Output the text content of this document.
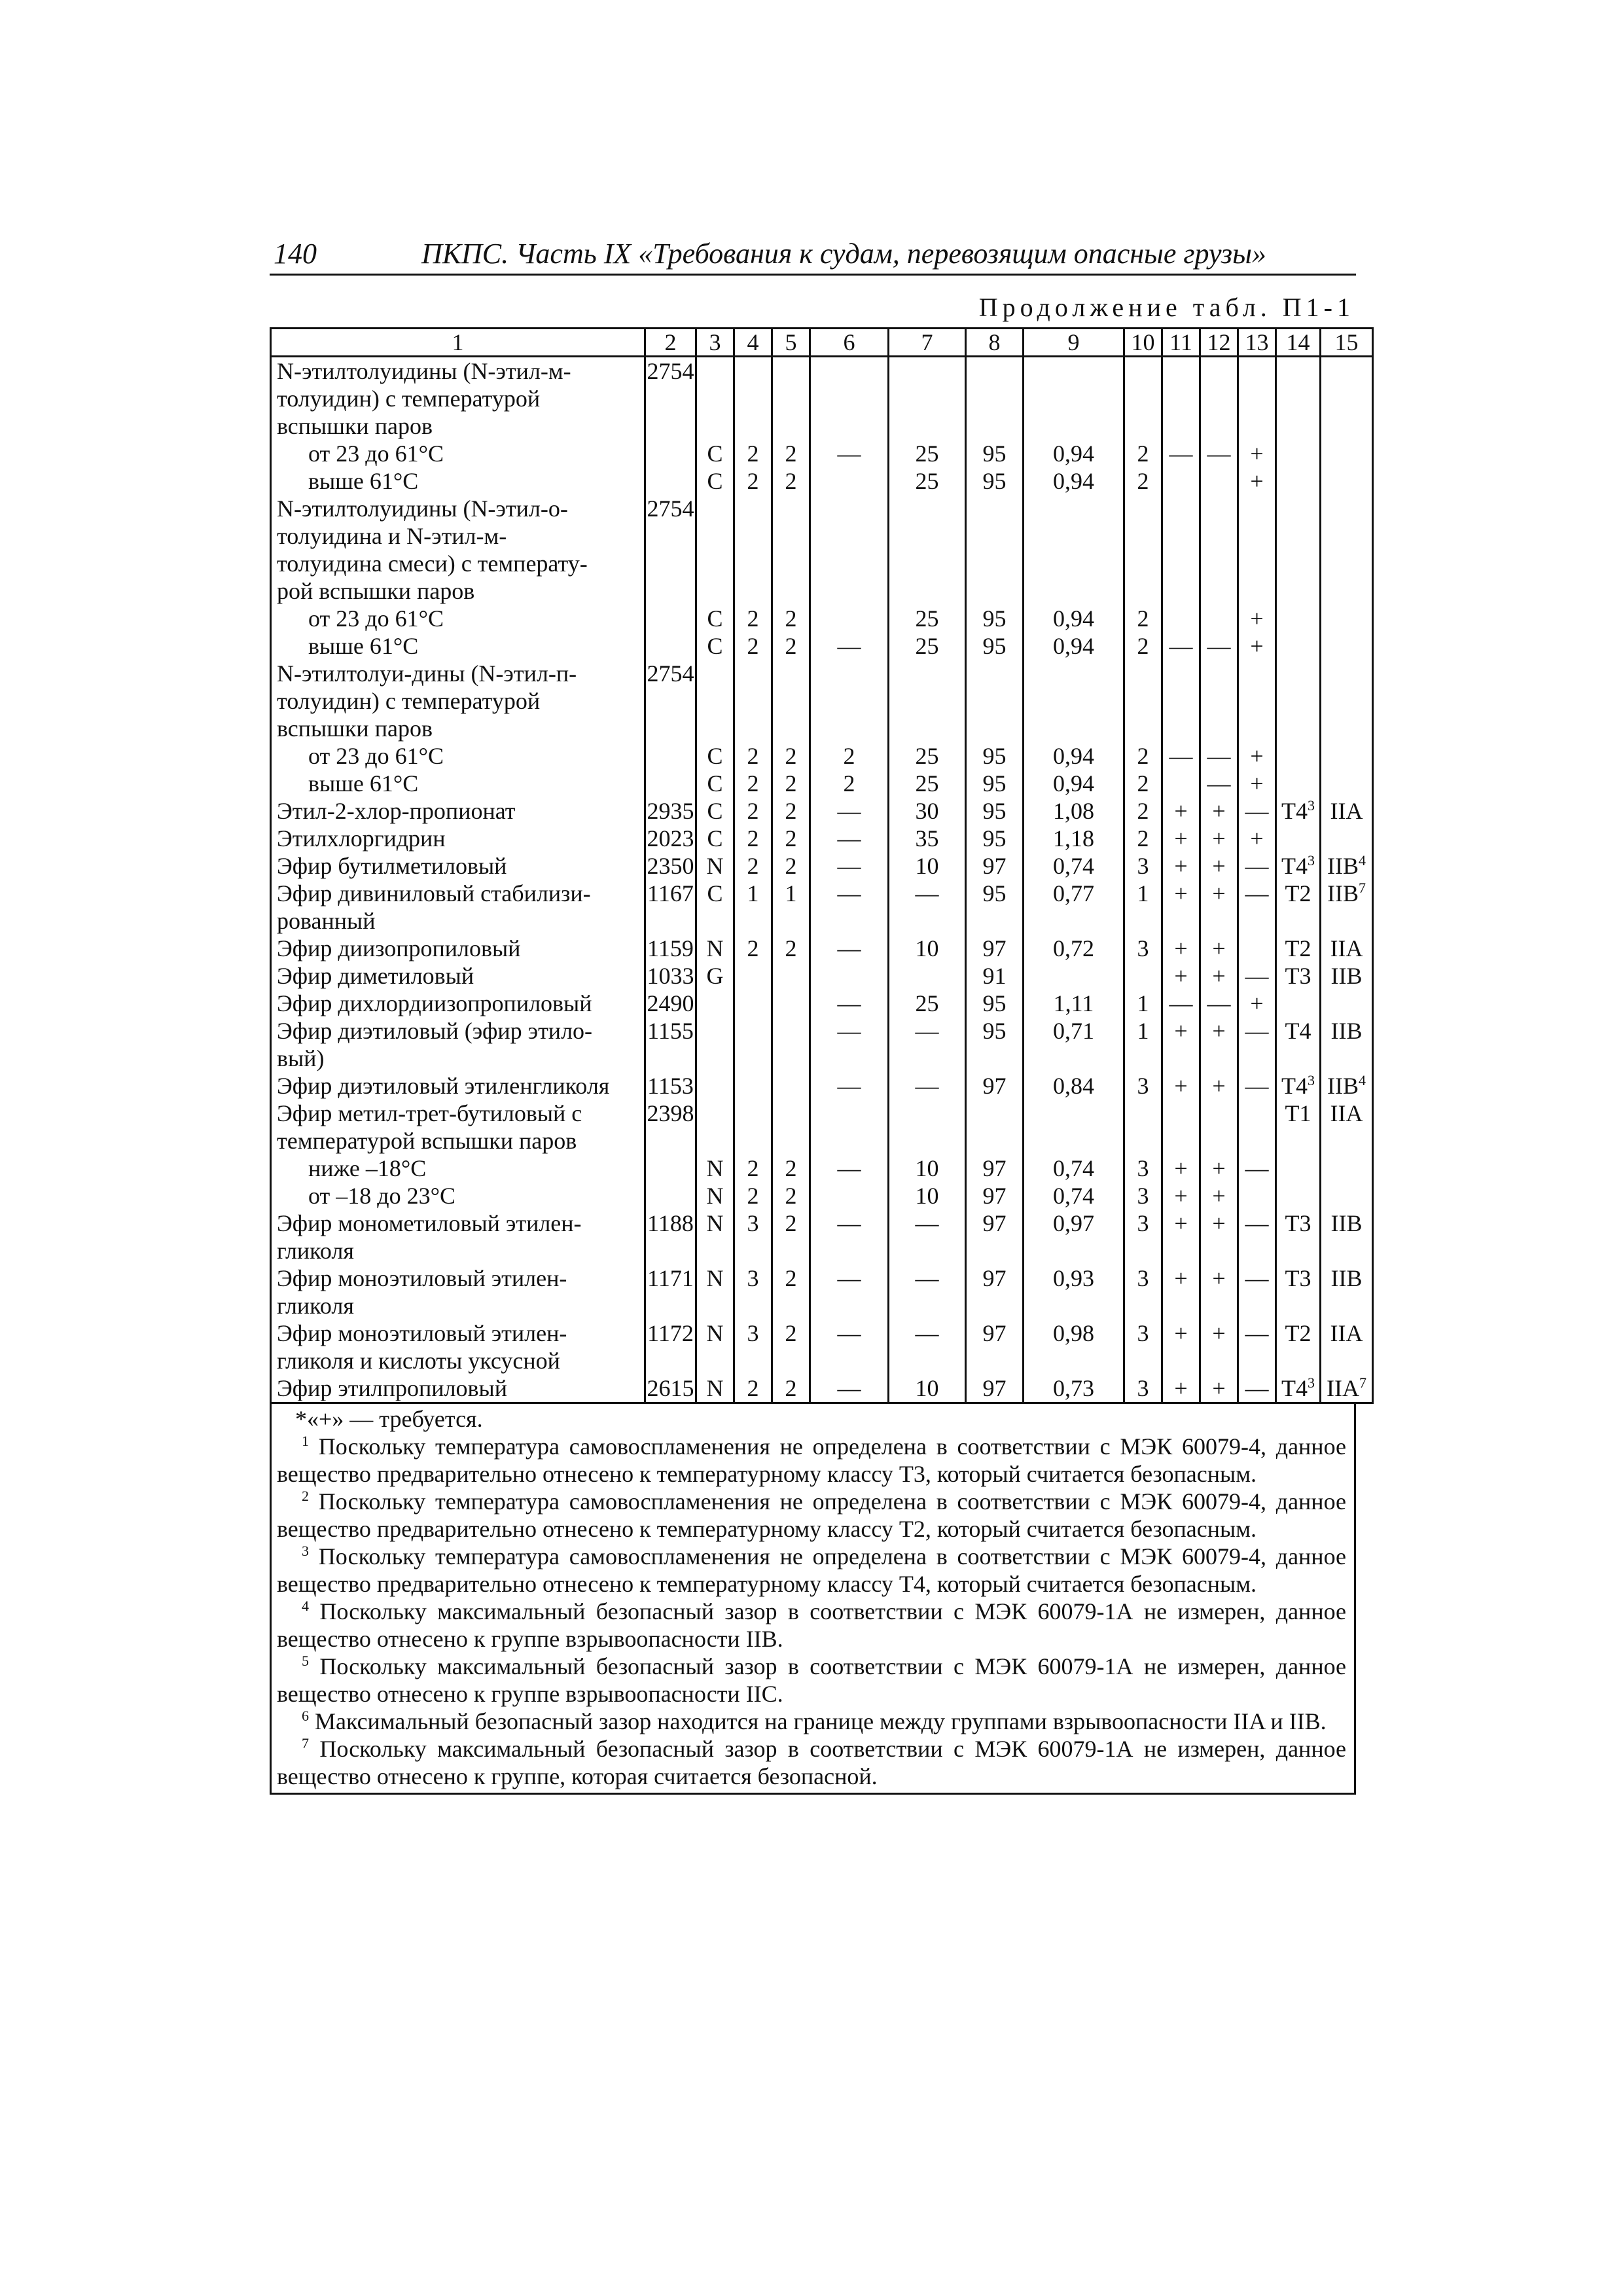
140	ПКПС. Часть IX «Требования к судам, перевозящим опасные грузы»
Продолжение табл. П1-1
1	2	3	4	5	6	7	8	9	10	11	12	13	14	15
N-этилтолуидины (N-этил-м-	2754													
толуидин) с температурой														
вспышки паров														
от 23 до 61°С		С	2	2	—	25	95	0,94	2	—	—	+		
выше 61°С		С	2	2		25	95	0,94	2			+		
N-этилтолуидины (N-этил-о-	2754													
толуидина и N-этил-м-														
толуидина смеси) с температу-														
рой вспышки паров														
от 23 до 61°С		С	2	2		25	95	0,94	2			+		
выше 61°С		С	2	2	—	25	95	0,94	2	—	—	+		
N-этилтолуи-дины (N-этил-п-	2754													
толуидин) с температурой														
вспышки паров														
от 23 до 61°С		С	2	2	2	25	95	0,94	2	—	—	+		
выше 61°С		С	2	2	2	25	95	0,94	2		—	+		
Этил-2-хлор-пропионат	2935	С	2	2	—	30	95	1,08	2	+	+	—	$Т4^3$	IIA
Этилхлоргидрин	2023	С	2	2	—	35	95	1,18	2	+	+	+		
Эфир бутилметиловый	2350	N	2	2	—	10	97	0,74	3	+	+	—	$Т4^3$	IIB$^4$
Эфир дивиниловый стабилизи-	1167	С	1	1	—	—	95	0,77	1	+	+	—	Т2	IIB$^7$
рованный														
Эфир диизопропиловый	1159	N	2	2	—	10	97	0,72	3	+	+		Т2	IIA
Эфир диметиловый	1033	G					91			+	+	—	Т3	IIB
Эфир дихлордиизопропиловый	2490				—	25	95	1,11	1	—	—	+		
Эфир диэтиловый (эфир этило-	1155				—	—	95	0,71	1	+	+	—	Т4	IIB
вый)														
Эфир диэтиловый этиленгликоля	1153				—	—	97	0,84	3	+	+	—	$Т4^3$	IIB$^4$
Эфир метил-трет-бутиловый с	2398												Т1	IIA
температурой вспышки паров														
ниже –18°С		N	2	2	—	10	97	0,74	3	+	+	—		
от –18 до 23°С		N	2	2		10	97	0,74	3	+	+			
Эфир монометиловый этилен-	1188	N	3	2	—	—	97	0,97	3	+	+	—	Т3	IIB
гликоля														
Эфир моноэтиловый этилен-	1171	N	3	2	—	—	97	0,93	3	+	+	—	Т3	IIB
гликоля														
Эфир моноэтиловый этилен-	1172	N	3	2	—	—	97	0,98	3	+	+	—	Т2	IIA
гликоля и кислоты уксусной														
Эфир этилпропиловый	2615	N	2	2	—	10	97	0,73	3	+	+	—	$Т4^3$	IIA$^7$

*«+» — требуется.

$^1$ Поскольку температура самовоспламенения не определена в соответствии с МЭК 60079-4, данное вещество предварительно отнесено к температурному классу Т3, который считается безопасным.

$^2$ Поскольку температура самовоспламенения не определена в соответствии с МЭК 60079-4, данное вещество предварительно отнесено к температурному классу Т2, который считается безопасным.

$^3$ Поскольку температура самовоспламенения не определена в соответствии с МЭК 60079-4, данное вещество предварительно отнесено к температурному классу Т4, который считается безопасным.

$^4$ Поскольку максимальный безопасный зазор в соответствии с МЭК 60079-1А не измерен, данное вещество отнесено к группе взрывоопасности IIB.

$^5$ Поскольку максимальный безопасный зазор в соответствии с МЭК 60079-1А не измерен, данное вещество отнесено к группе взрывоопасности IIC.

$^6$ Максимальный безопасный зазор находится на границе между группами взрывоопасности IIA и IIB.

$^7$ Поскольку максимальный безопасный зазор в соответствии с МЭК 60079-1А не измерен, данное вещество отнесено к группе, которая считается безопасной.
